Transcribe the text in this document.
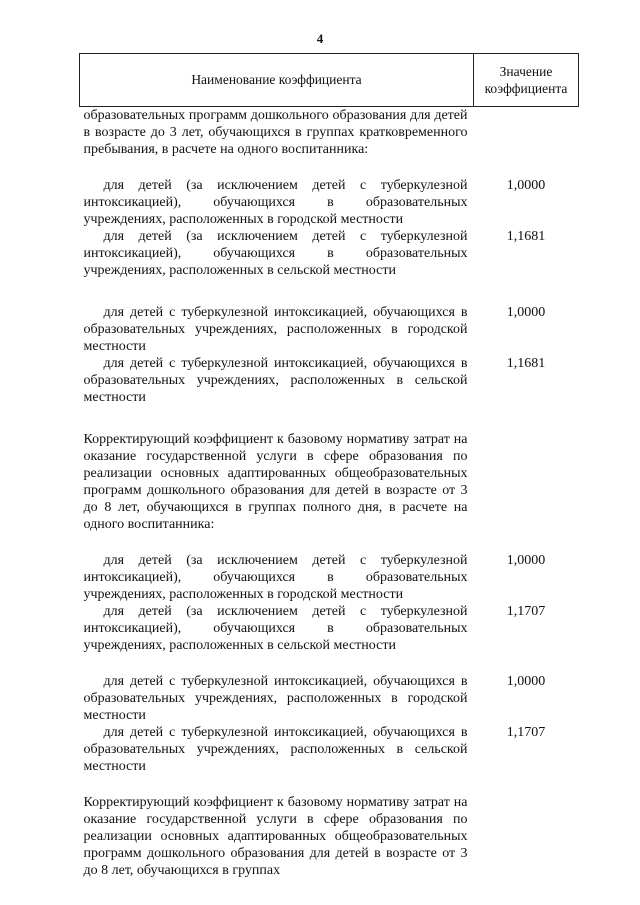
4
Наименование коэффициента	Значение
коэффициента

образовательных программ дошкольного образования для детей в возрасте до 3 лет, обучающихся в группах кратковременного пребывания, в расчете на одного воспитанника:	

для детей (за исключением детей с туберкулезной интоксикацией), обучающихся в образовательных учреждениях, расположенных в городской местности	1,0000

для детей (за исключением детей с туберкулезной интоксикацией), обучающихся в образовательных учреждениях, расположенных в сельской местности	1,1681

для детей с туберкулезной интоксикацией, обучающихся в образовательных учреждениях, расположенных в городской местности	1,0000

для детей с туберкулезной интоксикацией, обучающихся в образовательных учреждениях, расположенных в сельской местности	1,1681

Корректирующий коэффициент к базовому нормативу затрат на оказание государственной услуги в сфере образования по реализации основных адаптированных общеобразовательных программ дошкольного образования для детей в возрасте от 3 до 8 лет, обучающихся в группах полного дня, в расчете на одного воспитанника:	

для детей (за исключением детей с туберкулезной интоксикацией), обучающихся в образовательных учреждениях, расположенных в городской местности	1,0000

для детей (за исключением детей с туберкулезной интоксикацией), обучающихся в образовательных учреждениях, расположенных в сельской местности	1,1707

для детей с туберкулезной интоксикацией, обучающихся в образовательных учреждениях, расположенных в городской местности	1,0000

для детей с туберкулезной интоксикацией, обучающихся в образовательных учреждениях, расположенных в сельской местности	1,1707

Корректирующий коэффициент к базовому нормативу затрат на оказание государственной услуги в сфере образования по реализации основных адаптированных общеобразовательных программ дошкольного образования для детей в возрасте от 3 до 8 лет, обучающихся в группах	
